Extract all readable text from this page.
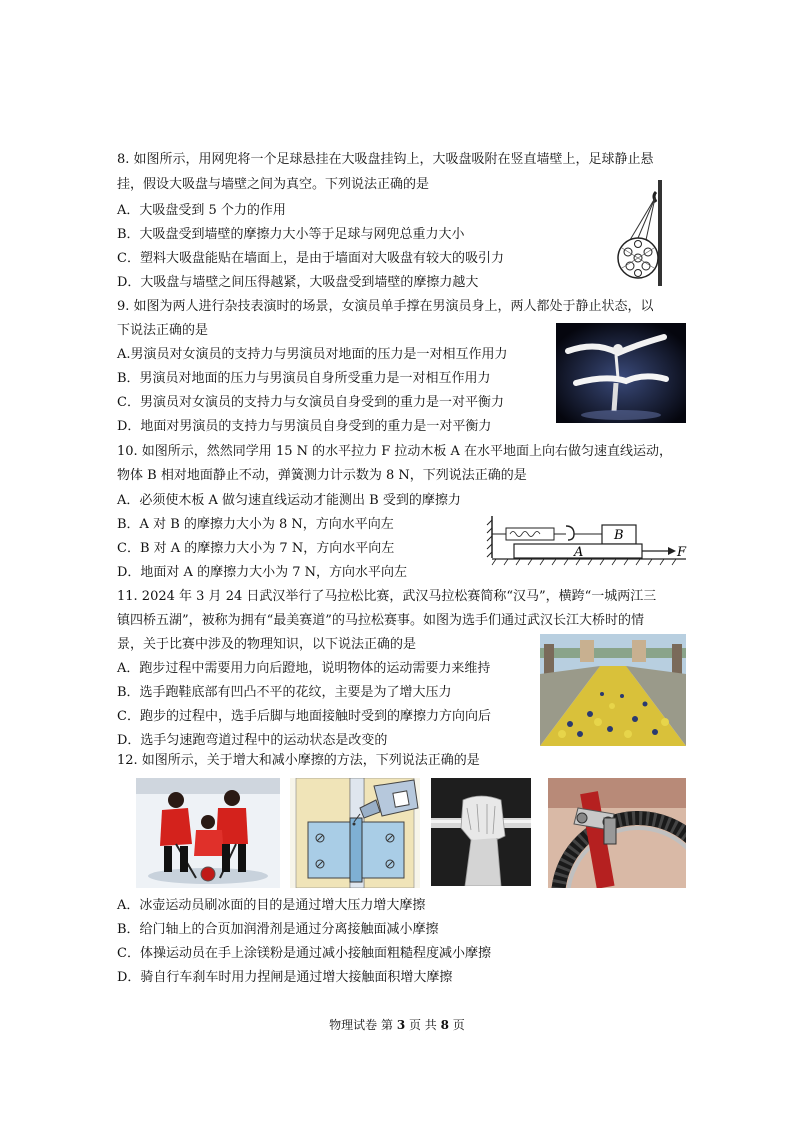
8. 如图所示，用网兜将一个足球悬挂在大吸盘挂钩上，大吸盘吸附在竖直墙壁上，足球静止悬
挂，假设大吸盘与墙壁之间为真空。下列说法正确的是
A．大吸盘受到 5 个力的作用
B．大吸盘受到墙壁的摩擦力大小等于足球与网兜总重力大小
C．塑料大吸盘能贴在墙面上，是由于墙面对大吸盘有较大的吸引力
D．大吸盘与墙壁之间压得越紧，大吸盘受到墙壁的摩擦力越大
9. 如图为两人进行杂技表演时的场景，女演员单手撑在男演员身上，两人都处于静止状态，以
下说法正确的是
A.男演员对女演员的支持力与男演员对地面的压力是一对相互作用力
B．男演员对地面的压力与男演员自身所受重力是一对相互作用力
C．男演员对女演员的支持力与女演员自身受到的重力是一对平衡力
D．地面对男演员的支持力与男演员自身受到的重力是一对平衡力
10. 如图所示，然然同学用 15 N 的水平拉力 F 拉动木板 A 在水平地面上向右做匀速直线运动，
物体 B 相对地面静止不动，弹簧测力计示数为 8 N，下列说法正确的是
A．必须使木板 A 做匀速直线运动才能测出 B 受到的摩擦力
B．A 对 B 的摩擦力大小为 8 N，方向水平向左
C．B 对 A 的摩擦力大小为 7 N，方向水平向左
D．地面对 A 的摩擦力大小为 7 N，方向水平向左
B
A	F
11. 2024 年 3 月 24 日武汉举行了马拉松比赛，武汉马拉松赛简称“汉马”，横跨“一城两江三
镇四桥五湖”，被称为拥有“最美赛道”的马拉松赛事。如图为选手们通过武汉长江大桥时的情
景，关于比赛中涉及的物理知识，以下说法正确的是
A．跑步过程中需要用力向后蹬地，说明物体的运动需要力来维持
B．选手跑鞋底部有凹凸不平的花纹，主要是为了增大压力
C．跑步的过程中，选手后脚与地面接触时受到的摩擦力方向向后
D．选手匀速跑弯道过程中的运动状态是改变的
12. 如图所示，关于增大和减小摩擦的方法，下列说法正确的是
A．冰壶运动员刷冰面的目的是通过增大压力增大摩擦
B．给门轴上的合页加润滑剂是通过分离接触面减小摩擦
C．体操运动员在手上涂镁粉是通过减小接触面粗糙程度减小摩擦
D．骑自行车刹车时用力捏闸是通过增大接触面积增大摩擦
物理试卷 第 3 页 共 8 页
